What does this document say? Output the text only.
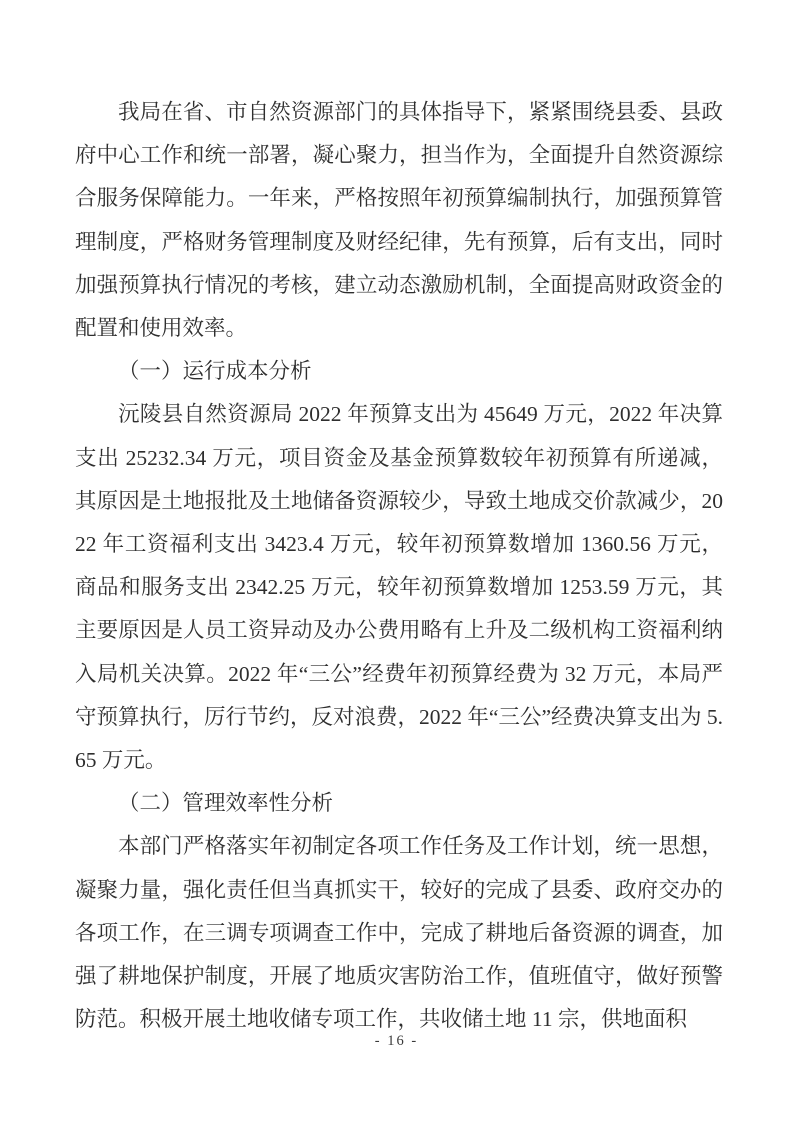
我局在省、市自然资源部门的具体指导下，紧紧围绕县委、县政府中心工作和统一部署，凝心聚力，担当作为，全面提升自然资源综合服务保障能力。一年来，严格按照年初预算编制执行，加强预算管理制度，严格财务管理制度及财经纪律，先有预算，后有支出，同时加强预算执行情况的考核，建立动态激励机制，全面提高财政资金的配置和使用效率。

（一）运行成本分析

沅陵县自然资源局 2022 年预算支出为 45649 万元，2022 年决算支出 25232.34 万元，项目资金及基金预算数较年初预算有所递减，其原因是土地报批及土地储备资源较少，导致土地成交价款减少，2022 年工资福利支出 3423.4 万元，较年初预算数增加 1360.56 万元，商品和服务支出 2342.25 万元，较年初预算数增加 1253.59 万元，其主要原因是人员工资异动及办公费用略有上升及二级机构工资福利纳入局机关决算。2022 年“三公”经费年初预算经费为 32 万元，本局严守预算执行，厉行节约，反对浪费，2022 年“三公”经费决算支出为 5.65 万元。

（二）管理效率性分析

本部门严格落实年初制定各项工作任务及工作计划，统一思想，凝聚力量，强化责任但当真抓实干，较好的完成了县委、政府交办的各项工作，在三调专项调查工作中，完成了耕地后备资源的调查，加强了耕地保护制度，开展了地质灾害防治工作，值班值守，做好预警防范。积极开展土地收储专项工作，共收储土地 11 宗，供地面积

- 16 -
